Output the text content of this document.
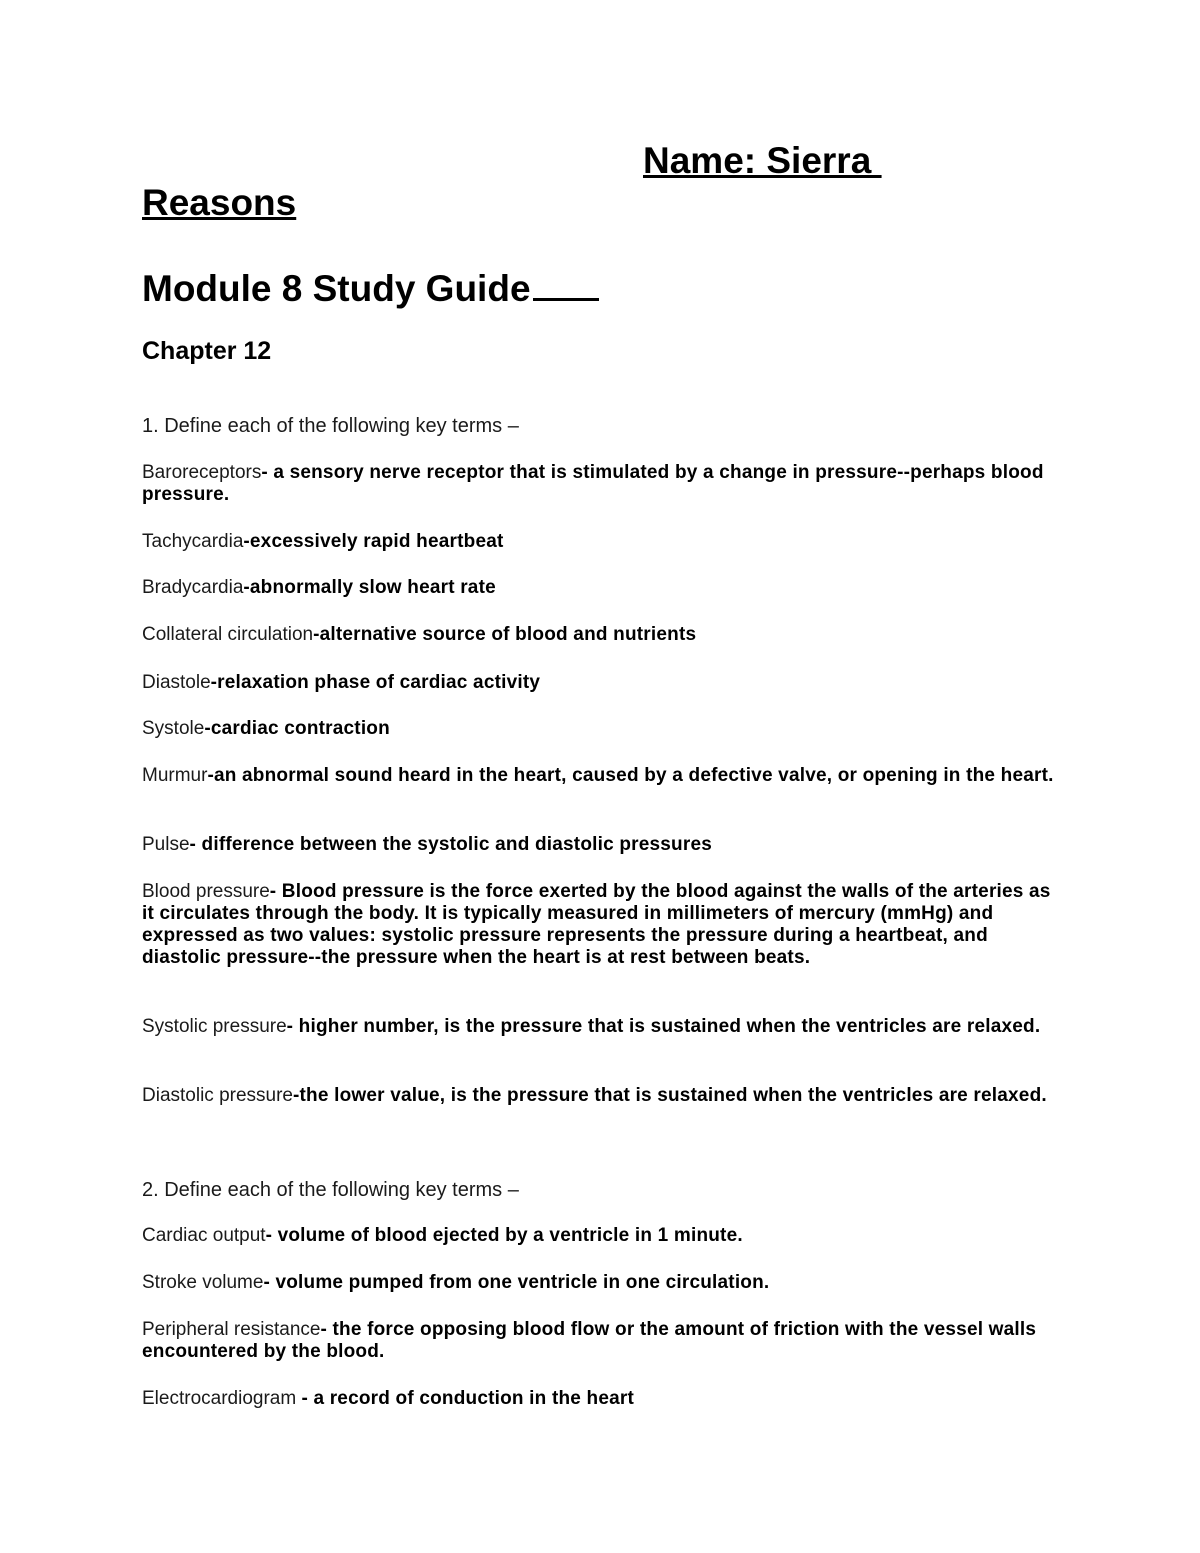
Name: Sierra
Reasons
Module 8 Study Guide
Chapter 12
1. Define each of the following key terms –
Baroreceptors- a sensory nerve receptor that is stimulated by a change in pressure--perhaps blood pressure.
Tachycardia-excessively rapid heartbeat
Bradycardia-abnormally slow heart rate
Collateral circulation-alternative source of blood and nutrients
Diastole-relaxation phase of cardiac activity
Systole-cardiac contraction
Murmur-an abnormal sound heard in the heart, caused by a defective valve, or opening in the heart.
Pulse- difference between the systolic and diastolic pressures
Blood pressure- Blood pressure is the force exerted by the blood against the walls of the arteries as it circulates through the body. It is typically measured in millimeters of mercury (mmHg) and expressed as two values: systolic pressure represents the pressure during a heartbeat, and diastolic pressure--the pressure when the heart is at rest between beats.
Systolic pressure- higher number, is the pressure that is sustained when the ventricles are relaxed.
Diastolic pressure-the lower value, is the pressure that is sustained when the ventricles are relaxed.
2. Define each of the following key terms –
Cardiac output- volume of blood ejected by a ventricle in 1 minute.
Stroke volume- volume pumped from one ventricle in one circulation.
Peripheral resistance- the force opposing blood flow or the amount of friction with the vessel walls encountered by the blood.
Electrocardiogram - a record of conduction in the heart
